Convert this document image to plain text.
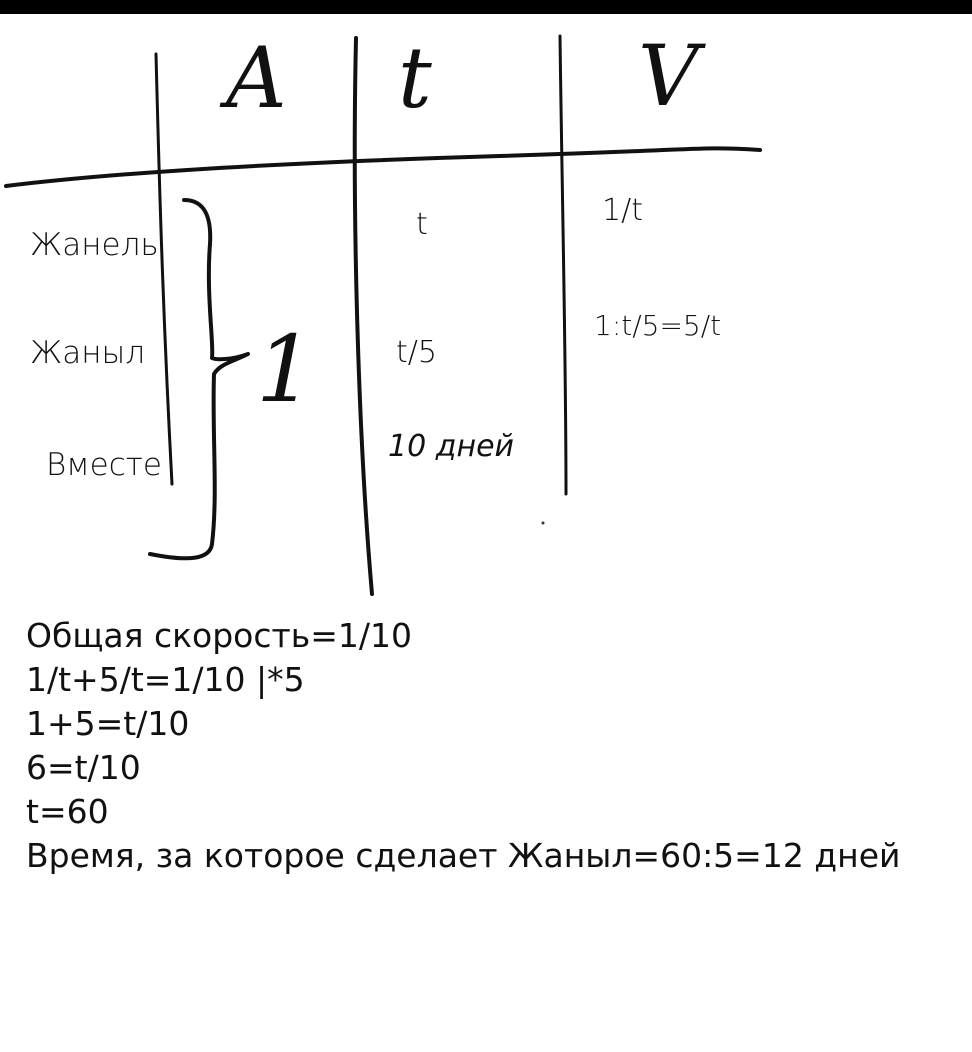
A t V
Жанель
Жаныл
Вместе
1
t
t/5
10 дней
1/t
1:t/5=5/t
Общая скорость=1/10
1/t+5/t=1/10 |*5
1+5=t/10
6=t/10
t=60
Время, за которое сделает Жаныл=60:5=12 дней
